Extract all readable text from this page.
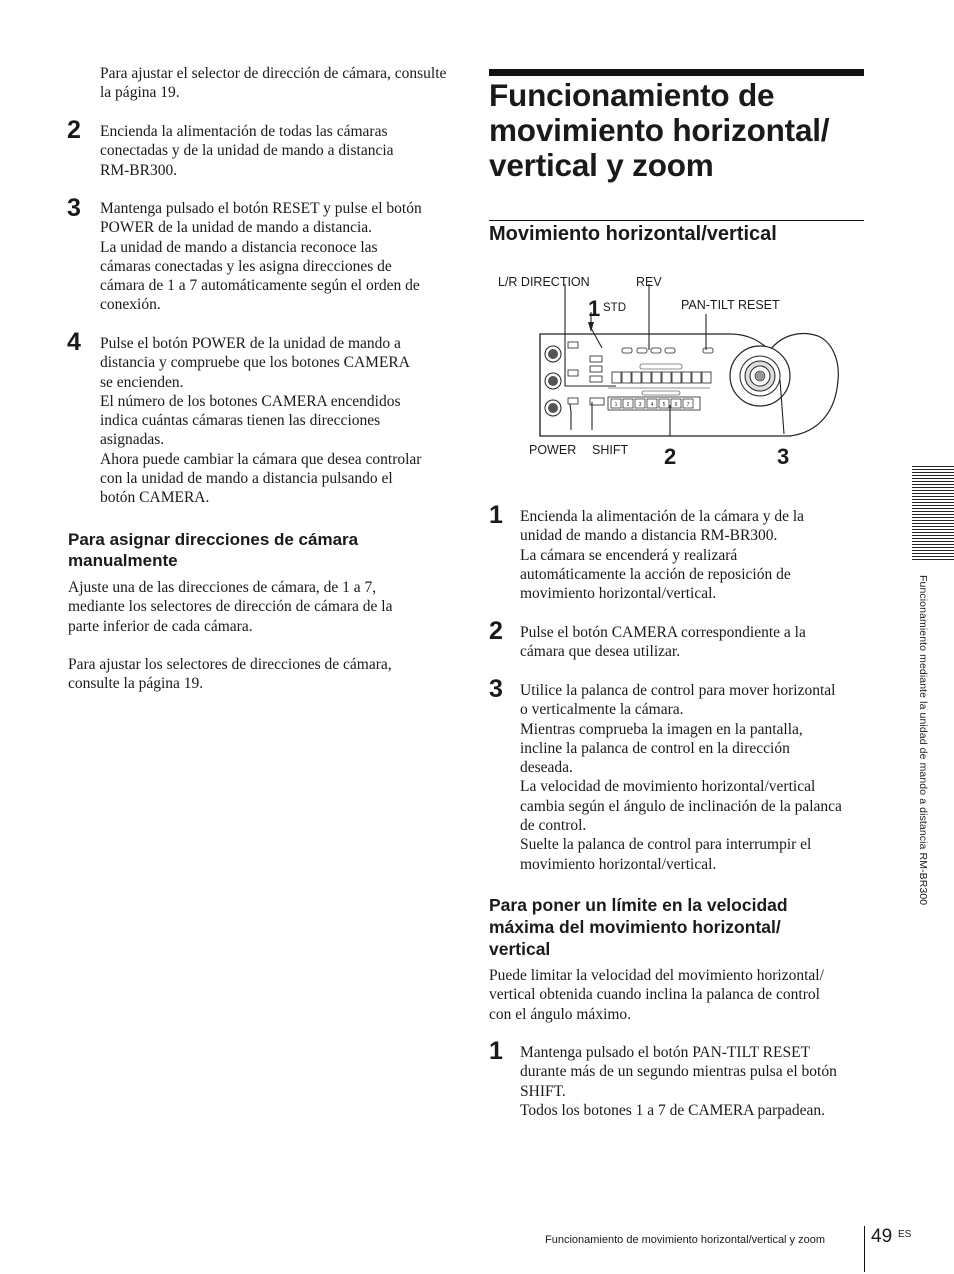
Para ajustar el selector de dirección de cámara, consulte la página 19.

2 Encienda la alimentación de todas las cámaras

conectadas y de la unidad de mando a distancia

RM-BR300.

3 Mantenga pulsado el botón RESET y pulse el botón

POWER de la unidad de mando a distancia.

La unidad de mando a distancia reconoce las

cámaras conectadas y les asigna direcciones de

cámara de 1 a 7 automáticamente según el orden de

conexión.

4 Pulse el botón POWER de la unidad de mando a

distancia y compruebe que los botones CAMERA

se encienden.

El número de los botones CAMERA encendidos

indica cuántas cámaras tienen las direcciones

asignadas.

Ahora puede cambiar la cámara que desea controlar

con la unidad de mando a distancia pulsando el

botón CAMERA.

Para asignar direcciones de cámara
manualmente

Ajuste una de las direcciones de cámara, de 1 a 7,

mediante los selectores de dirección de cámara de la

parte inferior de cada cámara.

Para ajustar los selectores de direcciones de cámara,

consulte la página 19.

Funcionamiento de
movimiento horizontal/
vertical y zoom
Movimiento horizontal/vertical
L/R DIRECTION	REV
PAN-TILT RESET
1 STD
POWER SHIFT 2	3
1 2 3 4 5 6 7
1 Encienda la alimentación de la cámara y de la

unidad de mando a distancia RM-BR300.

La cámara se encenderá y realizará

automáticamente la acción de reposición de

movimiento horizontal/vertical.

2 Pulse el botón CAMERA correspondiente a la

cámara que desea utilizar.

3 Utilice la palanca de control para mover horizontal

o verticalmente la cámara.

Mientras comprueba la imagen en la pantalla,

incline la palanca de control en la dirección

deseada.

La velocidad de movimiento horizontal/vertical

cambia según el ángulo de inclinación de la palanca

de control.

Suelte la palanca de control para interrumpir el

movimiento horizontal/vertical.

Para poner un límite en la velocidad
máxima del movimiento horizontal/
vertical

Puede limitar la velocidad del movimiento horizontal/

vertical obtenida cuando inclina la palanca de control

con el ángulo máximo.

1 Mantenga pulsado el botón PAN-TILT RESET

durante más de un segundo mientras pulsa el botón

SHIFT.

Todos los botones 1 a 7 de CAMERA parpadean.

Funcionamiento mediante la unidad de mando a distancia RM-BR300
Funcionamiento de movimiento horizontal/vertical y zoom 49 ES
